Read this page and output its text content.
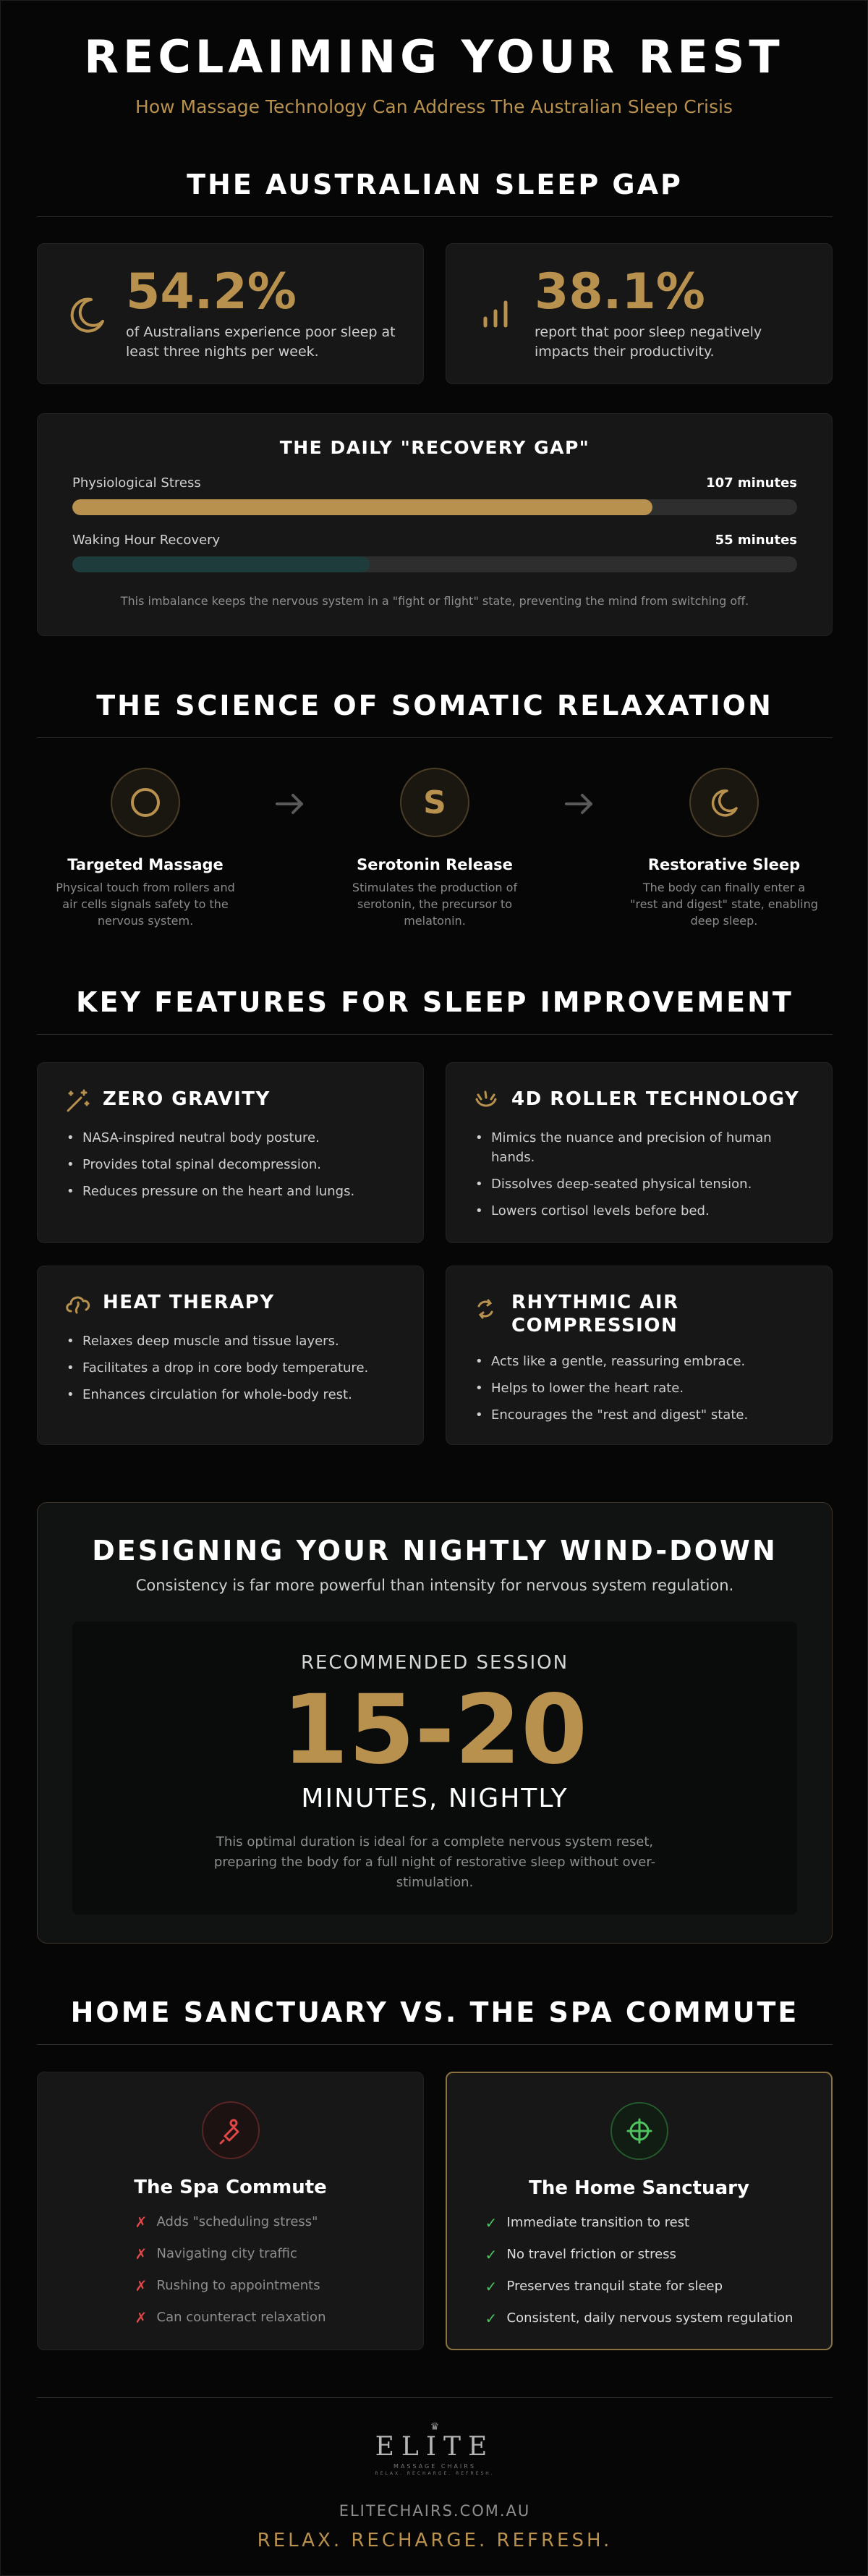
RECLAIMING YOUR REST

How Massage Technology Can Address The Australian Sleep Crisis

THE AUSTRALIAN SLEEP GAP
54.2%
of Australians experience poor sleep at least three nights per week.
38.1%
report that poor sleep negatively impacts their productivity.
THE DAILY "RECOVERY GAP"
Physiological Stress	107 minutes
Waking Hour Recovery	55 minutes
This imbalance keeps the nervous system in a "fight or flight" state, preventing the mind from switching off.
THE SCIENCE OF SOMATIC RELAXATION
Targeted Massage

Physical touch from rollers and air cells signals safety to the nervous system.

S
Serotonin Release

Stimulates the production of serotonin, the precursor to melatonin.

Restorative Sleep

The body can finally enter a "rest and digest" state, enabling deep sleep.

KEY FEATURES FOR SLEEP IMPROVEMENT
ZERO GRAVITY
• NASA-inspired neutral body posture.
• Provides total spinal decompression.
• Reduces pressure on the heart and lungs.
4D ROLLER TECHNOLOGY
• Mimics the nuance and precision of human hands.
• Dissolves deep-seated physical tension.
• Lowers cortisol levels before bed.
HEAT THERAPY
• Relaxes deep muscle and tissue layers.
• Facilitates a drop in core body temperature.
• Enhances circulation for whole-body rest.
RHYTHMIC AIR COMPRESSION
• Acts like a gentle, reassuring embrace.
• Helps to lower the heart rate.
• Encourages the "rest and digest" state.
DESIGNING YOUR NIGHTLY WIND-DOWN
Consistency is far more powerful than intensity for nervous system regulation.
RECOMMENDED SESSION
15-20
MINUTES, NIGHTLY
This optimal duration is ideal for a complete nervous system reset, preparing the body for a full night of restorative sleep without over-stimulation.
HOME SANCTUARY VS. THE SPA COMMUTE
The Spa Commute
✗ Adds "scheduling stress"
✗ Navigating city traffic
✗ Rushing to appointments
✗ Can counteract relaxation
The Home Sanctuary
✓ Immediate transition to rest
✓ No travel friction or stress
✓ Preserves tranquil state for sleep
✓ Consistent, daily nervous system regulation
♛
ELITE
MASSAGE CHAIRS
RELAX. RECHARGE. REFRESH.
ELITECHAIRS.COM.AU
RELAX. RECHARGE. REFRESH.
